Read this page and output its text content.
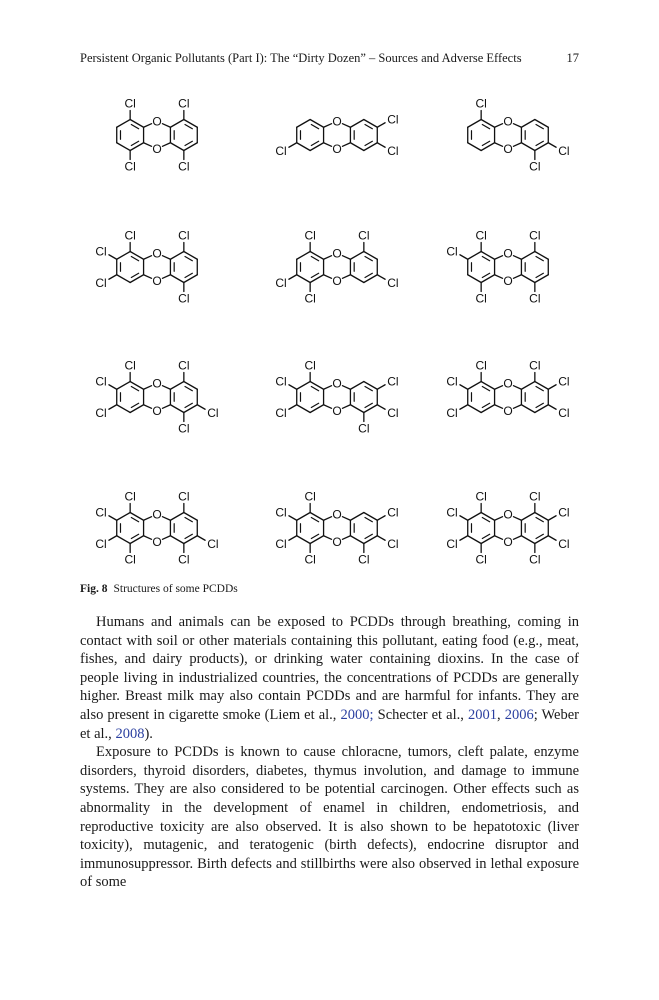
Persistent Organic Pollutants (Part I): The “Dirty Dozen” – Sources and Adverse Effects	17
O
O
Cl
Cl
Cl
Cl
O
O
Cl
Cl
Cl
O
O
Cl
Cl
Cl
O
O
Cl
Cl
Cl
Cl
Cl
O
O
Cl
Cl
Cl
Cl
Cl
O
O
Cl
Cl
Cl
Cl
Cl
O
O
Cl
Cl
Cl
Cl
Cl
Cl
O
O
Cl
Cl
Cl
Cl
Cl
Cl
O
O
Cl
Cl
Cl
Cl
Cl
Cl
O
O
Cl
Cl
Cl
Cl
Cl
Cl
Cl
O
O
Cl
Cl
Cl
Cl
Cl
Cl
Cl
O
O
Cl
Cl
Cl
Cl
Cl
Cl
Cl
Cl
Fig. 8 Structures of some PCDDs

Humans and animals can be exposed to PCDDs through breathing, coming in contact with soil or other materials containing this pollutant, eating food (e.g., meat, fishes, and dairy products), or drinking water containing dioxins. In the case of people living in industrialized countries, the concentrations of PCDDs are generally higher. Breast milk may also contain PCDDs and are harmful for infants. They are also present in cigarette smoke (Liem et al., 2000; Schecter et al., 2001, 2006; Weber et al., 2008).

Exposure to PCDDs is known to cause chloracne, tumors, cleft palate, enzyme disorders, thyroid disorders, diabetes, thymus involution, and damage to immune systems. They are also considered to be potential carcinogen. Other effects such as abnormality in the development of enamel in children, endometriosis, and reproductive toxicity are also observed. It is also shown to be hepatotoxic (liver toxicity), mutagenic, and teratogenic (birth defects), endocrine disruptor and immunosuppressor. Birth defects and stillbirths were also observed in lethal exposure of some
